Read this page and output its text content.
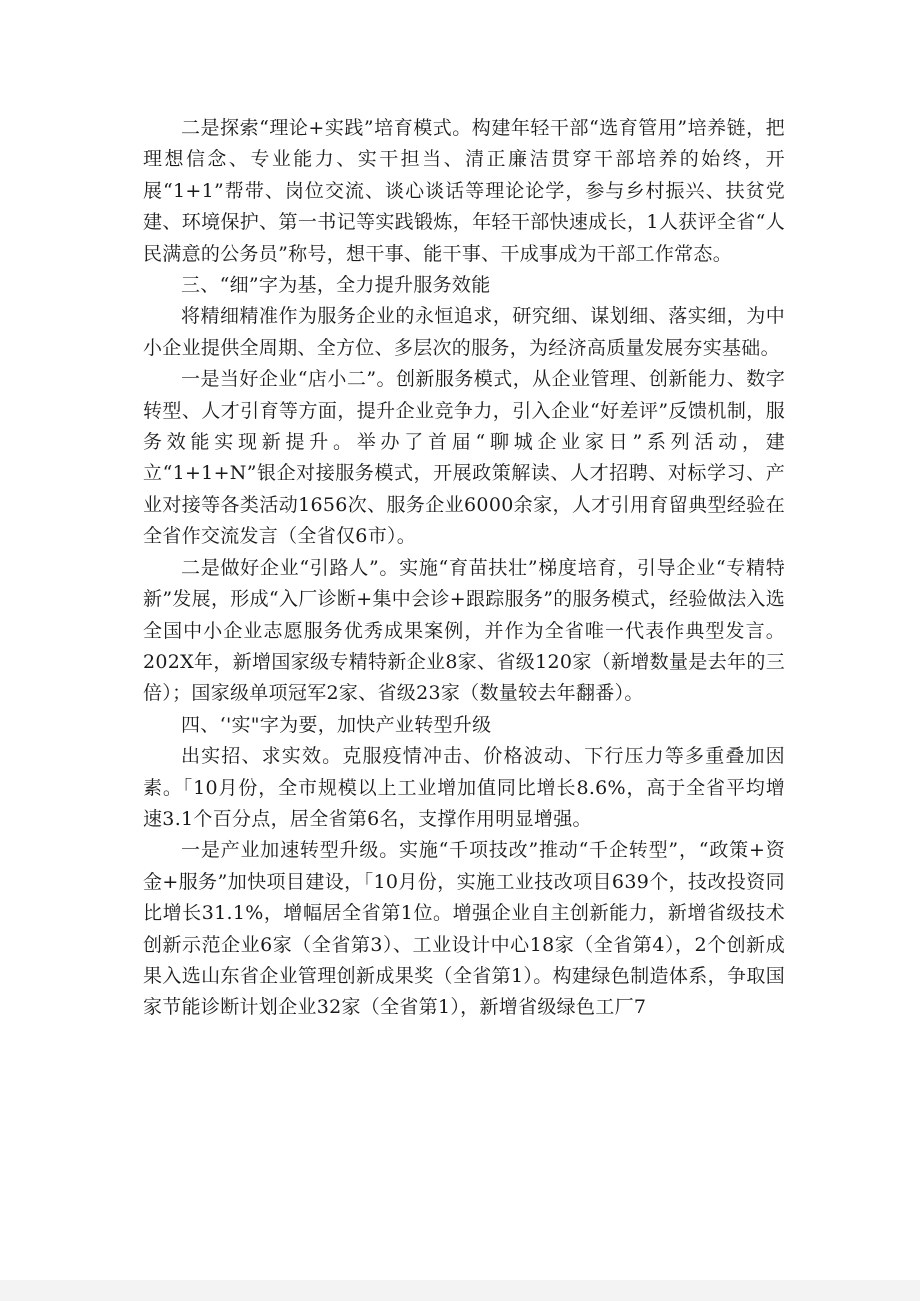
二是探索“理论+实践”培育模式。构建年轻干部“选育管用”培养链，把理想信念、专业能力、实干担当、清正廉洁贯穿干部培养的始终，开展“1+1”帮带、岗位交流、谈心谈话等理论论学，参与乡村振兴、扶贫党建、环境保护、第一书记等实践锻炼，年轻干部快速成长，1人获评全省“人民满意的公务员”称号，想干事、能干事、干成事成为干部工作常态。

三、“细”字为基，全力提升服务效能

将精细精准作为服务企业的永恒追求，研究细、谋划细、落实细，为中小企业提供全周期、全方位、多层次的服务，为经济高质量发展夯实基础。

一是当好企业“店小二”。创新服务模式，从企业管理、创新能力、数字转型、人才引育等方面，提升企业竞争力，引入企业“好差评”反馈机制，服务效能实现新提升。举办了首届“聊城企业家日”系列活动，建立“1+1+N”银企对接服务模式，开展政策解读、人才招聘、对标学习、产业对接等各类活动1656次、服务企业6000余家，人才引用育留典型经验在全省作交流发言（全省仅6市）。

二是做好企业“引路人”。实施“育苗扶壮”梯度培育，引导企业“专精特新”发展，形成“入厂诊断+集中会诊+跟踪服务”的服务模式，经验做法入选全国中小企业志愿服务优秀成果案例，并作为全省唯一代表作典型发言。202X年，新增国家级专精特新企业8家、省级120家（新增数量是去年的三倍）；国家级单项冠军2家、省级23家（数量较去年翻番）。

四、‘'实"字为要，加快产业转型升级

出实招、求实效。克服疫情冲击、价格波动、下行压力等多重叠加因素。「10月份，全市规模以上工业增加值同比增长8.6%，高于全省平均增速3.1个百分点，居全省第6名，支撑作用明显增强。

一是产业加速转型升级。实施“千项技改”推动“千企转型”，“政策+资金+服务”加快项目建设，「10月份，实施工业技改项目639个，技改投资同比增长31.1%，增幅居全省第1位。增强企业自主创新能力，新增省级技术创新示范企业6家（全省第3）、工业设计中心18家（全省第4），2个创新成果入选山东省企业管理创新成果奖（全省第1）。构建绿色制造体系，争取国家节能诊断计划企业32家（全省第1），新增省级绿色工厂7
